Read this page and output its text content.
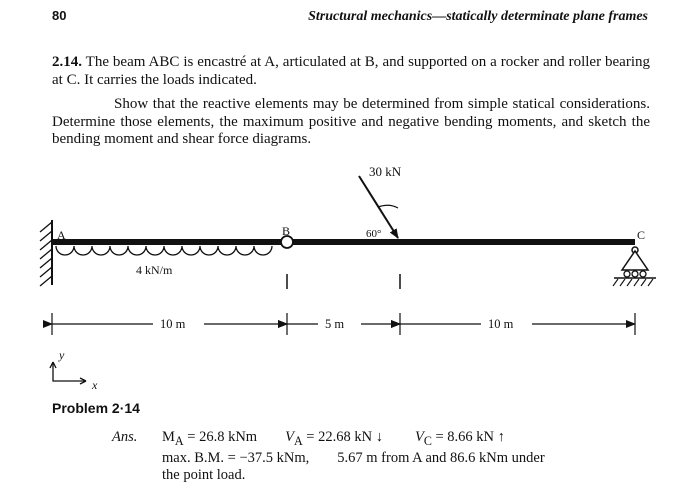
80	Structural mechanics—statically determinate plane frames
2.14. The beam ABC is encastré at A, articulated at B, and supported on a rocker and roller bearing at C. It carries the loads indicated.
Show that the reactive elements may be determined from simple statical considerations. Determine those elements, the maximum positive and negative bending moments, and sketch the bending moment and shear force diagrams.
30 kN
60°
4 kN/m
A	B	C
10 m	5 m	10 m
y
x
Problem 2·14
Ans. $M_A = 26.8$ kNm $V_A = 22.68$ kN ↓ $V_C = 8.66$ kN ↑
max. B.M. = −37.5 kNm, 5.67 m from A and 86.6 kNm under
the point load.
